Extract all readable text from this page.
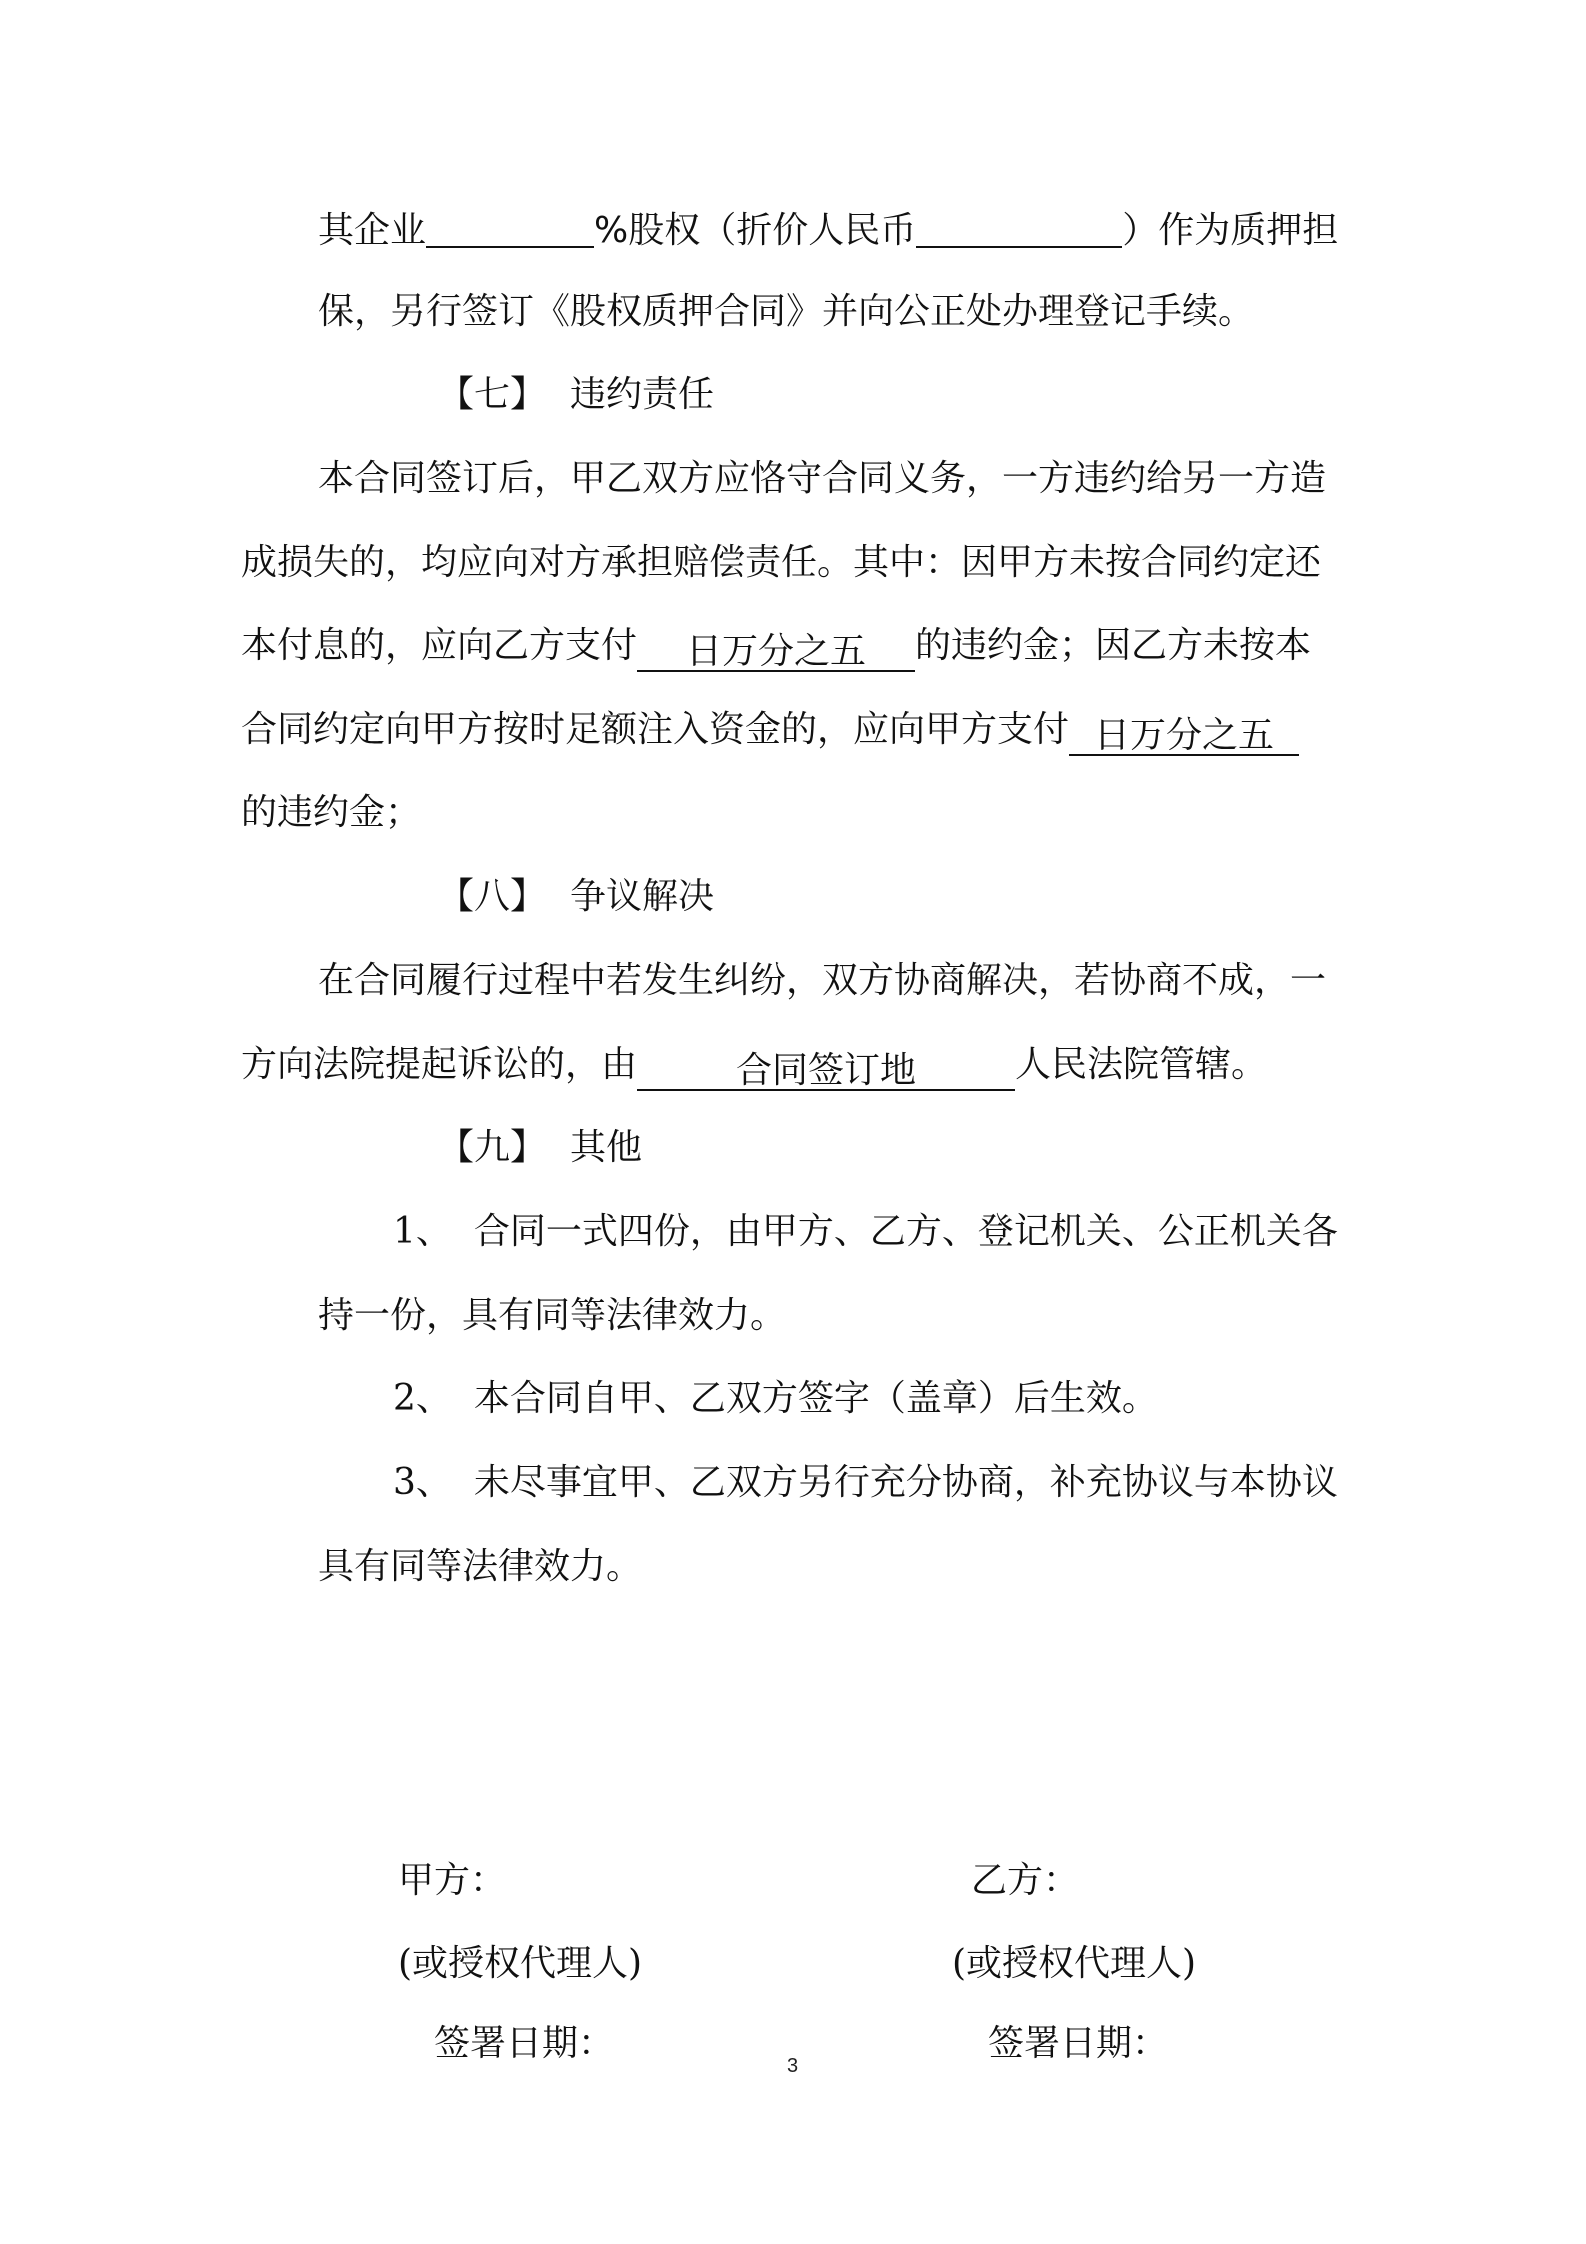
其企业	%股权（折价人民币	）作为质押担
保，另行签订《股权质押合同》并向公正处办理登记手续。
【七】 违约责任
本合同签订后，甲乙双方应恪守合同义务，一方违约给另一方造
成损失的，均应向对方承担赔偿责任。其中：因甲方未按合同约定还
本付息的，应向乙方支付 日万分之五 的违约金；因乙方未按本
合同约定向甲方按时足额注入资金的，应向甲方支付 日万分之五
的违约金；
【八】 争议解决
在合同履行过程中若发生纠纷，双方协商解决，若协商不成，一
方向法院提起诉讼的，由	合同签订地	人民法院管辖。
【九】 其他
1、 合同一式四份，由甲方、乙方、登记机关、公正机关各
持一份，具有同等法律效力。
2、 本合同自甲、乙双方签字（盖章）后生效。
3、 未尽事宜甲、乙双方另行充分协商，补充协议与本协议
具有同等法律效力。
甲方：	乙方：
(或授权代理人)	(或授权代理人)
签署日期：	签署日期：
3
